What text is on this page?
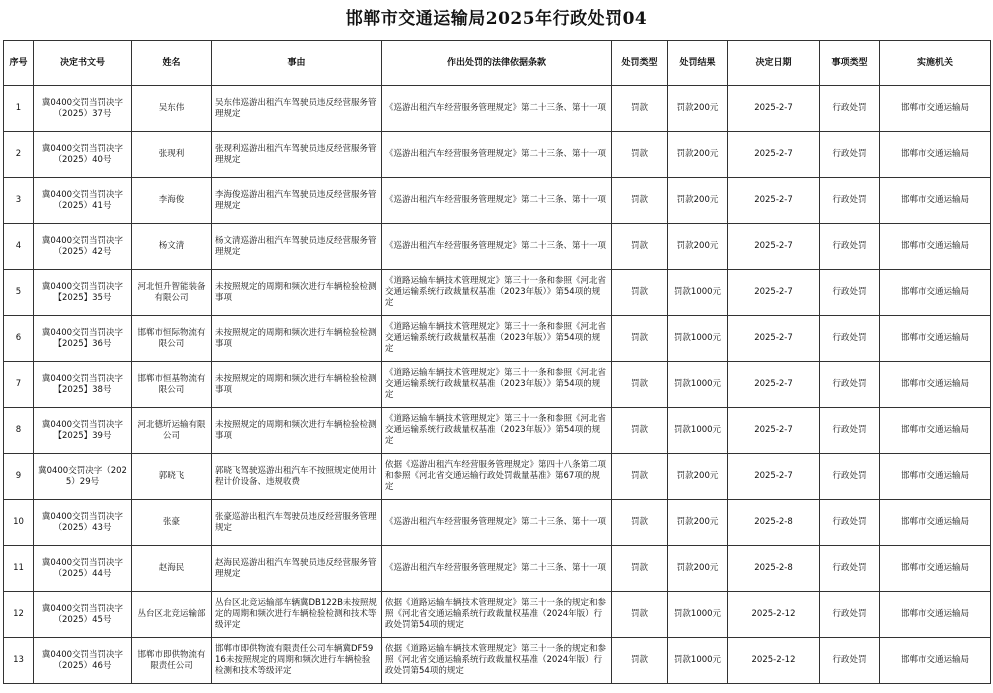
邯郸市交通运输局2025年行政处罚04
序号	决定书文号	姓名	事由	作出处罚的法律依据条款	处罚类型	处罚结果	决定日期	事项类型	实施机关
1	冀0400交罚当罚决字（2025）37号	吴东伟	吴东伟巡游出租汽车驾驶员违反经营服务管理规定	《巡游出租汽车经营服务管理规定》第二十三条、第十一项	罚款	罚款200元	2025-2-7	行政处罚	邯郸市交通运输局
2	冀0400交罚当罚决字（2025）40号	张现利	张现利巡游出租汽车驾驶员违反经营服务管理规定	《巡游出租汽车经营服务管理规定》第二十三条、第十一项	罚款	罚款200元	2025-2-7	行政处罚	邯郸市交通运输局
3	冀0400交罚当罚决字（2025）41号	李海俊	李海俊巡游出租汽车驾驶员违反经营服务管理规定	《巡游出租汽车经营服务管理规定》第二十三条、第十一项	罚款	罚款200元	2025-2-7	行政处罚	邯郸市交通运输局
4	冀0400交罚当罚决字（2025）42号	杨文清	杨文清巡游出租汽车驾驶员违反经营服务管理规定	《巡游出租汽车经营服务管理规定》第二十三条、第十一项	罚款	罚款200元	2025-2-7	行政处罚	邯郸市交通运输局
5	冀0400交罚当罚决字【2025】35号	河北恒升智能装备有限公司	未按照规定的周期和频次进行车辆检验检测事项	《道路运输车辆技术管理规定》第三十一条和参照《河北省交通运输系统行政裁量权基准（2023年版）》第54项的规定	罚款	罚款1000元	2025-2-7	行政处罚	邯郸市交通运输局
6	冀0400交罚当罚决字【2025】36号	邯郸市恒际物流有限公司	未按照规定的周期和频次进行车辆检验检测事项	《道路运输车辆技术管理规定》第三十一条和参照《河北省交通运输系统行政裁量权基准（2023年版）》第54项的规定	罚款	罚款1000元	2025-2-7	行政处罚	邯郸市交通运输局
7	冀0400交罚当罚决字【2025】38号	邯郸市恒基物流有限公司	未按照规定的周期和频次进行车辆检验检测事项	《道路运输车辆技术管理规定》第三十一条和参照《河北省交通运输系统行政裁量权基准（2023年版）》第54项的规定	罚款	罚款1000元	2025-2-7	行政处罚	邯郸市交通运输局
8	冀0400交罚当罚决字【2025】39号	河北德圻运输有限公司	未按照规定的周期和频次进行车辆检验检测事项	《道路运输车辆技术管理规定》第三十一条和参照《河北省交通运输系统行政裁量权基准（2023年版）》第54项的规定	罚款	罚款1000元	2025-2-7	行政处罚	邯郸市交通运输局
9	冀0400交罚决字（2025）29号	郭晓飞	郭晓飞驾驶巡游出租汽车不按照规定使用计程计价设备、违规收费	依据《巡游出租汽车经营服务管理规定》第四十八条第二项和参照《河北省交通运输行政处罚裁量基准》第67项的规定	罚款	罚款200元	2025-2-7	行政处罚	邯郸市交通运输局
10	冀0400交罚当罚决字（2025）43号	张豪	张豪巡游出租汽车驾驶员违反经营服务管理规定	《巡游出租汽车经营服务管理规定》第二十三条、第十一项	罚款	罚款200元	2025-2-8	行政处罚	邯郸市交通运输局
11	冀0400交罚当罚决字（2025）44号	赵海民	赵海民巡游出租汽车驾驶员违反经营服务管理规定	《巡游出租汽车经营服务管理规定》第二十三条、第十一项	罚款	罚款200元	2025-2-8	行政处罚	邯郸市交通运输局
12	冀0400交罚当罚决字（2025）45号	丛台区北竞运输部	丛台区北竞运输部车辆冀DB122B未按照规定的周期和频次进行车辆检验检测和技术等级评定	依据《道路运输车辆技术管理规定》第三十一条的规定和参照《河北省交通运输系统行政裁量权基准（2024年版）行政处罚第54项的规定	罚款	罚款1000元	2025-2-12	行政处罚	邯郸市交通运输局
13	冀0400交罚当罚决字（2025）46号	邯郸市即供物流有限责任公司	邯郸市即供物流有限责任公司车辆冀DF5916未按照规定的周期和频次进行车辆检验检测和技术等级评定	依据《道路运输车辆技术管理规定》第三十一条的规定和参照《河北省交通运输系统行政裁量权基准（2024年版）行政处罚第54项的规定	罚款	罚款1000元	2025-2-12	行政处罚	邯郸市交通运输局
